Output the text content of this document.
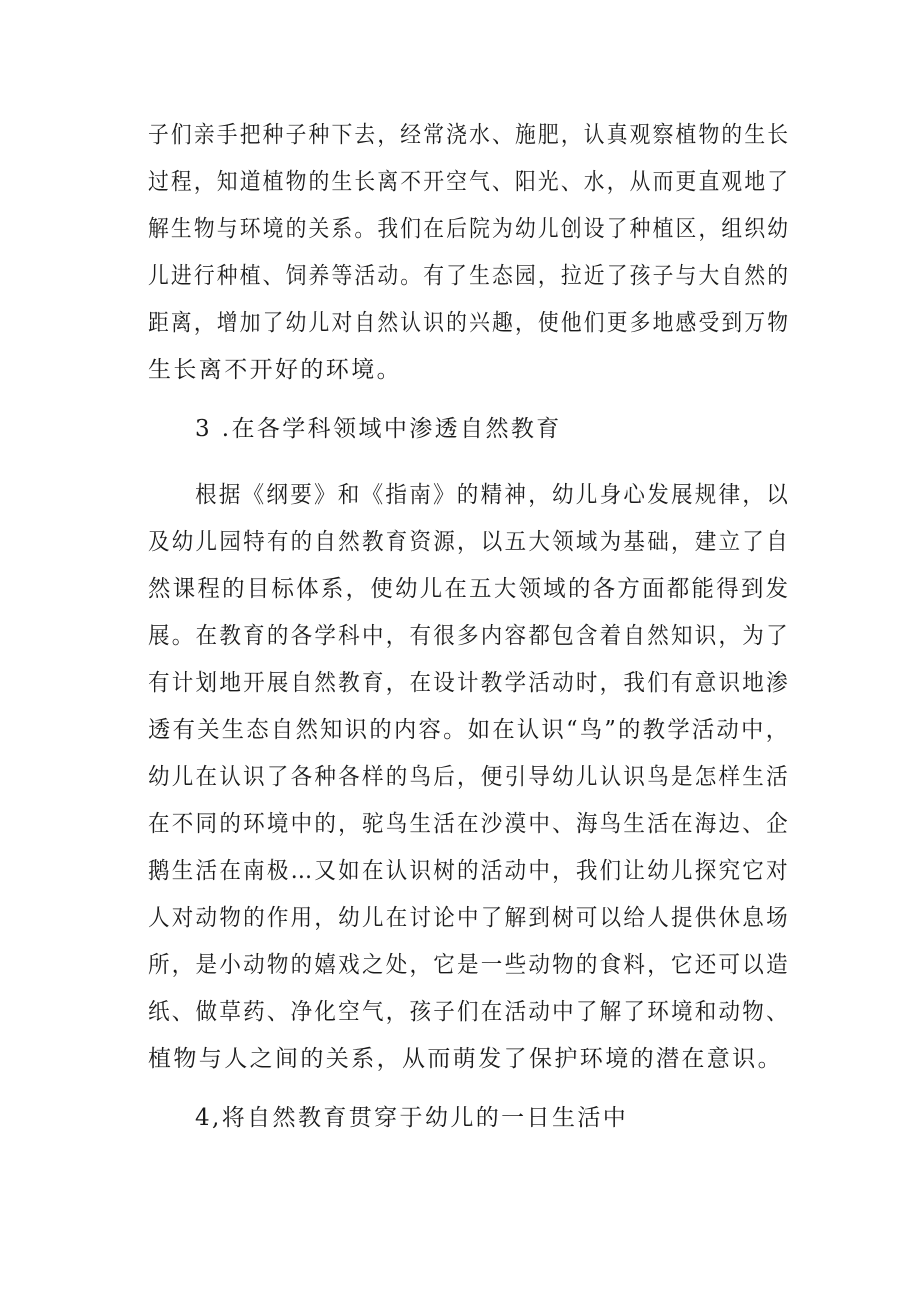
子们亲手把种子种下去，经常浇水、施肥，认真观察植物的生长
过程，知道植物的生长离不开空气、阳光、水，从而更直观地了
解生物与环境的关系。我们在后院为幼儿创设了种植区，组织幼
儿进行种植、饲养等活动。有了生态园，拉近了孩子与大自然的
距离，增加了幼儿对自然认识的兴趣，使他们更多地感受到万物
生长离不开好的环境。
3 .在各学科领域中渗透自然教育
根据《纲要》和《指南》的精神，幼儿身心发展规律，以
及幼儿园特有的自然教育资源，以五大领域为基础，建立了自
然课程的目标体系，使幼儿在五大领域的各方面都能得到发
展。在教育的各学科中，有很多内容都包含着自然知识，为了
有计划地开展自然教育，在设计教学活动时，我们有意识地渗
透有关生态自然知识的内容。如在认识“鸟”的教学活动中，
幼儿在认识了各种各样的鸟后，便引导幼儿认识鸟是怎样生活
在不同的环境中的，驼鸟生活在沙漠中、海鸟生活在海边、企
鹅生活在南极…又如在认识树的活动中，我们让幼儿探究它对
人对动物的作用，幼儿在讨论中了解到树可以给人提供休息场
所，是小动物的嬉戏之处，它是一些动物的食料，它还可以造
纸、做草药、净化空气，孩子们在活动中了解了环境和动物、
植物与人之间的关系，从而萌发了保护环境的潜在意识。
4,将自然教育贯穿于幼儿的一日生活中
